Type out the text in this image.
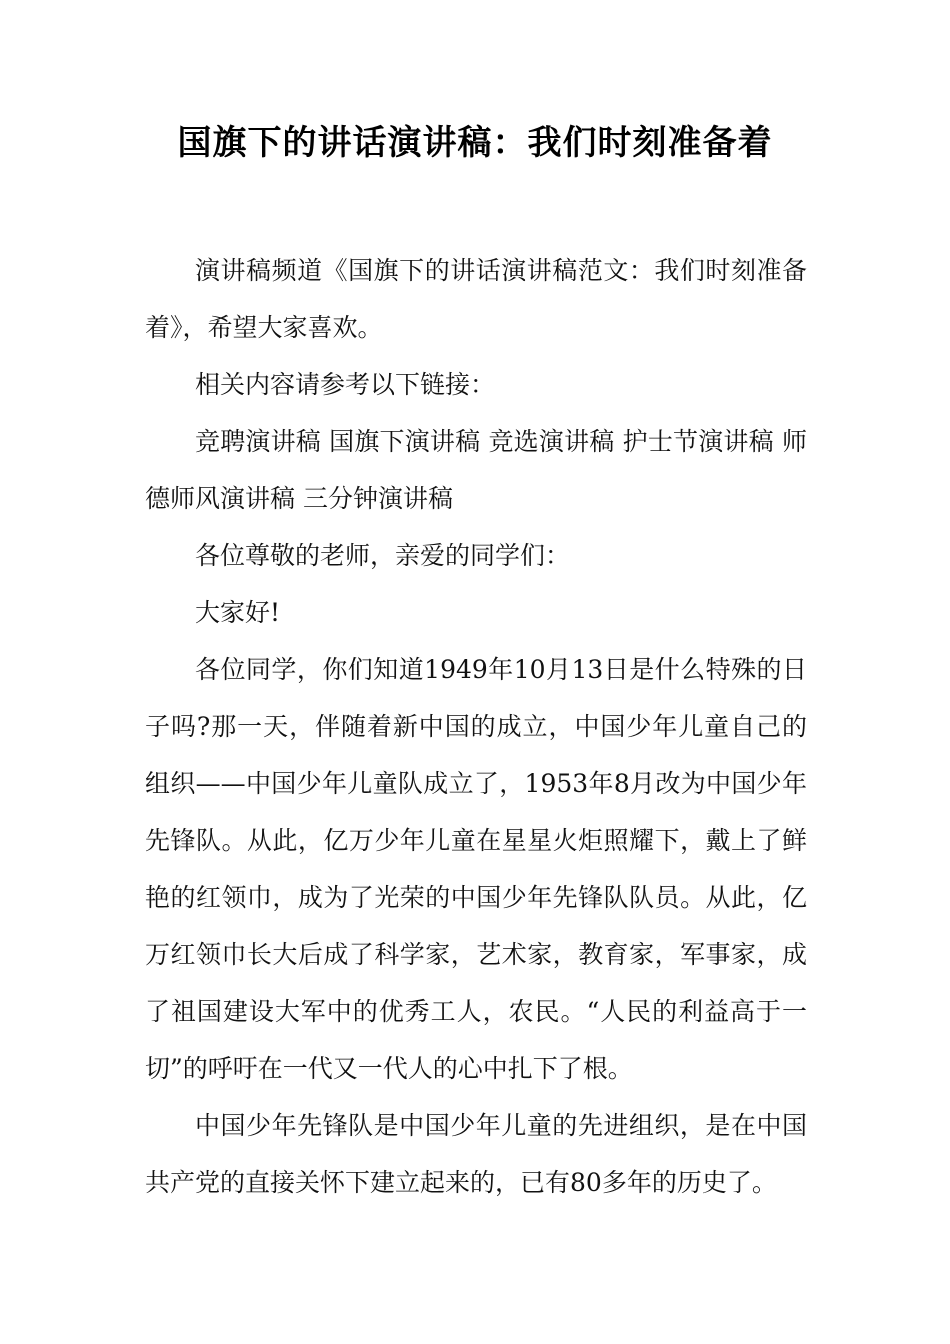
国旗下的讲话演讲稿：我们时刻准备着

演讲稿频道《国旗下的讲话演讲稿范文：我们时刻准备着》，希望大家喜欢。

相关内容请参考以下链接：

竞聘演讲稿 国旗下演讲稿 竞选演讲稿 护士节演讲稿 师德师风演讲稿 三分钟演讲稿

各位尊敬的老师，亲爱的同学们：

大家好!

各位同学，你们知道1949年10月13日是什么特殊的日子吗?那一天，伴随着新中国的成立，中国少年儿童自己的组织——中国少年儿童队成立了，1953年8月改为中国少年先锋队。从此，亿万少年儿童在星星火炬照耀下，戴上了鲜艳的红领巾，成为了光荣的中国少年先锋队队员。从此，亿万红领巾长大后成了科学家，艺术家，教育家，军事家，成了祖国建设大军中的优秀工人，农民。“人民的利益高于一切”的呼吁在一代又一代人的心中扎下了根。

中国少年先锋队是中国少年儿童的先进组织，是在中国共产党的直接关怀下建立起来的，已有80多年的历史了。
